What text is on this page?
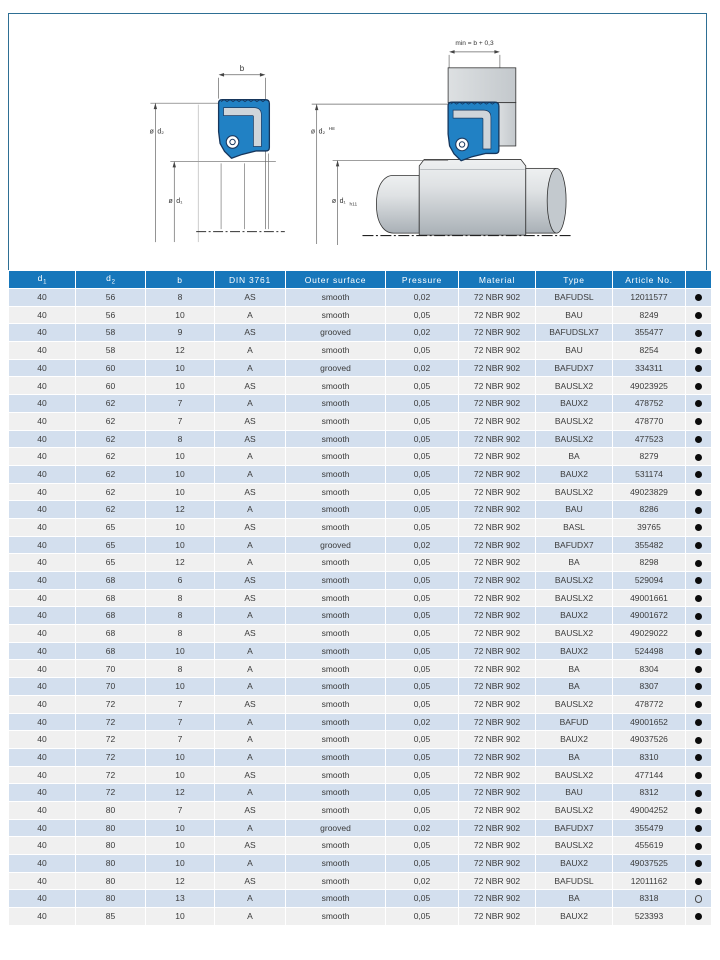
b
ø d₂
ø d₁
min = b + 0,3
ø d₂ H8
ø d₁ h11
$d_1$	$d_2$	b	DIN 3761	Outer surface	Pressure	Material	Type	Article No.	
40	56	8	AS	smooth	0,02	72 NBR 902	BAFUDSL	12011577	
40	56	10	A	smooth	0,05	72 NBR 902	BAU	8249	
40	58	9	AS	grooved	0,02	72 NBR 902	BAFUDSLX7	355477	
40	58	12	A	smooth	0,05	72 NBR 902	BAU	8254	
40	60	10	A	grooved	0,02	72 NBR 902	BAFUDX7	334311	
40	60	10	AS	smooth	0,05	72 NBR 902	BAUSLX2	49023925	
40	62	7	A	smooth	0,05	72 NBR 902	BAUX2	478752	
40	62	7	AS	smooth	0,05	72 NBR 902	BAUSLX2	478770	
40	62	8	AS	smooth	0,05	72 NBR 902	BAUSLX2	477523	
40	62	10	A	smooth	0,05	72 NBR 902	BA	8279	
40	62	10	A	smooth	0,05	72 NBR 902	BAUX2	531174	
40	62	10	AS	smooth	0,05	72 NBR 902	BAUSLX2	49023829	
40	62	12	A	smooth	0,05	72 NBR 902	BAU	8286	
40	65	10	AS	smooth	0,05	72 NBR 902	BASL	39765	
40	65	10	A	grooved	0,02	72 NBR 902	BAFUDX7	355482	
40	65	12	A	smooth	0,05	72 NBR 902	BA	8298	
40	68	6	AS	smooth	0,05	72 NBR 902	BAUSLX2	529094	
40	68	8	AS	smooth	0,05	72 NBR 902	BAUSLX2	49001661	
40	68	8	A	smooth	0,05	72 NBR 902	BAUX2	49001672	
40	68	8	AS	smooth	0,05	72 NBR 902	BAUSLX2	49029022	
40	68	10	A	smooth	0,05	72 NBR 902	BAUX2	524498	
40	70	8	A	smooth	0,05	72 NBR 902	BA	8304	
40	70	10	A	smooth	0,05	72 NBR 902	BA	8307	
40	72	7	AS	smooth	0,05	72 NBR 902	BAUSLX2	478772	
40	72	7	A	smooth	0,02	72 NBR 902	BAFUD	49001652	
40	72	7	A	smooth	0,05	72 NBR 902	BAUX2	49037526	
40	72	10	A	smooth	0,05	72 NBR 902	BA	8310	
40	72	10	AS	smooth	0,05	72 NBR 902	BAUSLX2	477144	
40	72	12	A	smooth	0,05	72 NBR 902	BAU	8312	
40	80	7	AS	smooth	0,05	72 NBR 902	BAUSLX2	49004252	
40	80	10	A	grooved	0,02	72 NBR 902	BAFUDX7	355479	
40	80	10	AS	smooth	0,05	72 NBR 902	BAUSLX2	455619	
40	80	10	A	smooth	0,05	72 NBR 902	BAUX2	49037525	
40	80	12	AS	smooth	0,02	72 NBR 902	BAFUDSL	12011162	
40	80	13	A	smooth	0,05	72 NBR 902	BA	8318	
40	85	10	A	smooth	0,05	72 NBR 902	BAUX2	523393	
